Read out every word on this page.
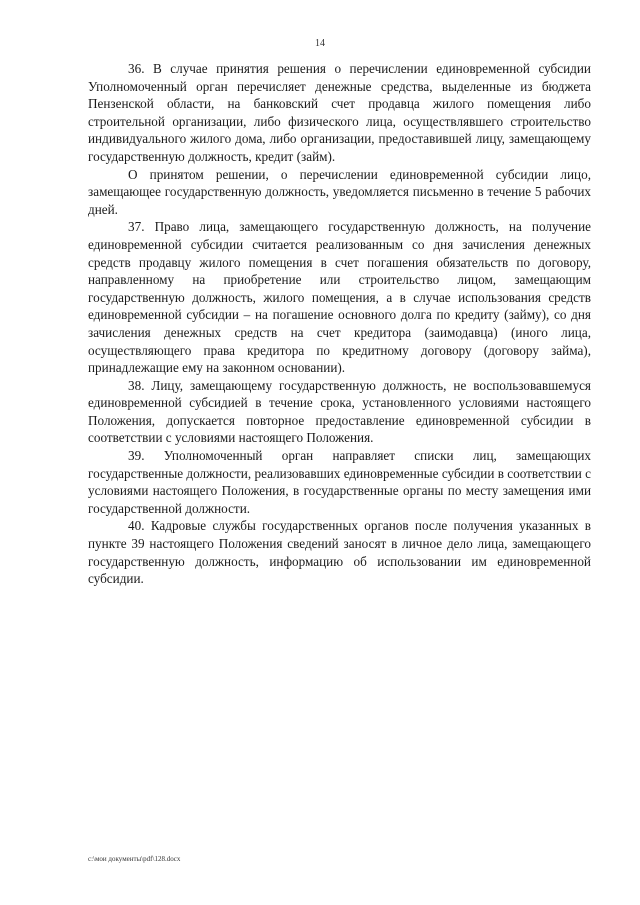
14

36. В случае принятия решения о перечислении единовременной субсидии Уполномоченный орган перечисляет денежные средства, выделенные из бюджета Пензенской области, на банковский счет продавца жилого помещения либо строительной организации, либо физического лица, осуществлявшего строительство индивидуального жилого дома, либо организации, предоставившей лицу, замещающему государственную должность, кредит (займ).

О принятом решении, о перечислении единовременной субсидии лицо, замещающее государственную должность, уведомляется письменно в течение 5 рабочих дней.

37. Право лица, замещающего государственную должность, на получение единовременной субсидии считается реализованным со дня зачисления денежных средств продавцу жилого помещения в счет погашения обязательств по договору, направленному на приобретение или строительство лицом, замещающим государственную должность, жилого помещения, а в случае использования средств единовременной субсидии – на погашение основного долга по кредиту (займу), со дня зачисления денежных средств на счет кредитора (заимодавца) (иного лица, осуществляющего права кредитора по кредитному договору (договору займа), принадлежащие ему на законном основании).

38. Лицу, замещающему государственную должность, не воспользовавшемуся единовременной субсидией в течение срока, установленного условиями настоящего Положения, допускается повторное предоставление единовременной субсидии в соответствии с условиями настоящего Положения.

39. Уполномоченный орган направляет списки лиц, замещающих государственные должности, реализовавших единовременные субсидии в соответствии с условиями настоящего Положения, в государственные органы по месту замещения ими государственной должности.

40. Кадровые службы государственных органов после получения указанных в пункте 39 настоящего Положения сведений заносят в личное дело лица, замещающего государственную должность, информацию об использовании им единовременной субсидии.

c:\мои документы\pdf\128.docx
